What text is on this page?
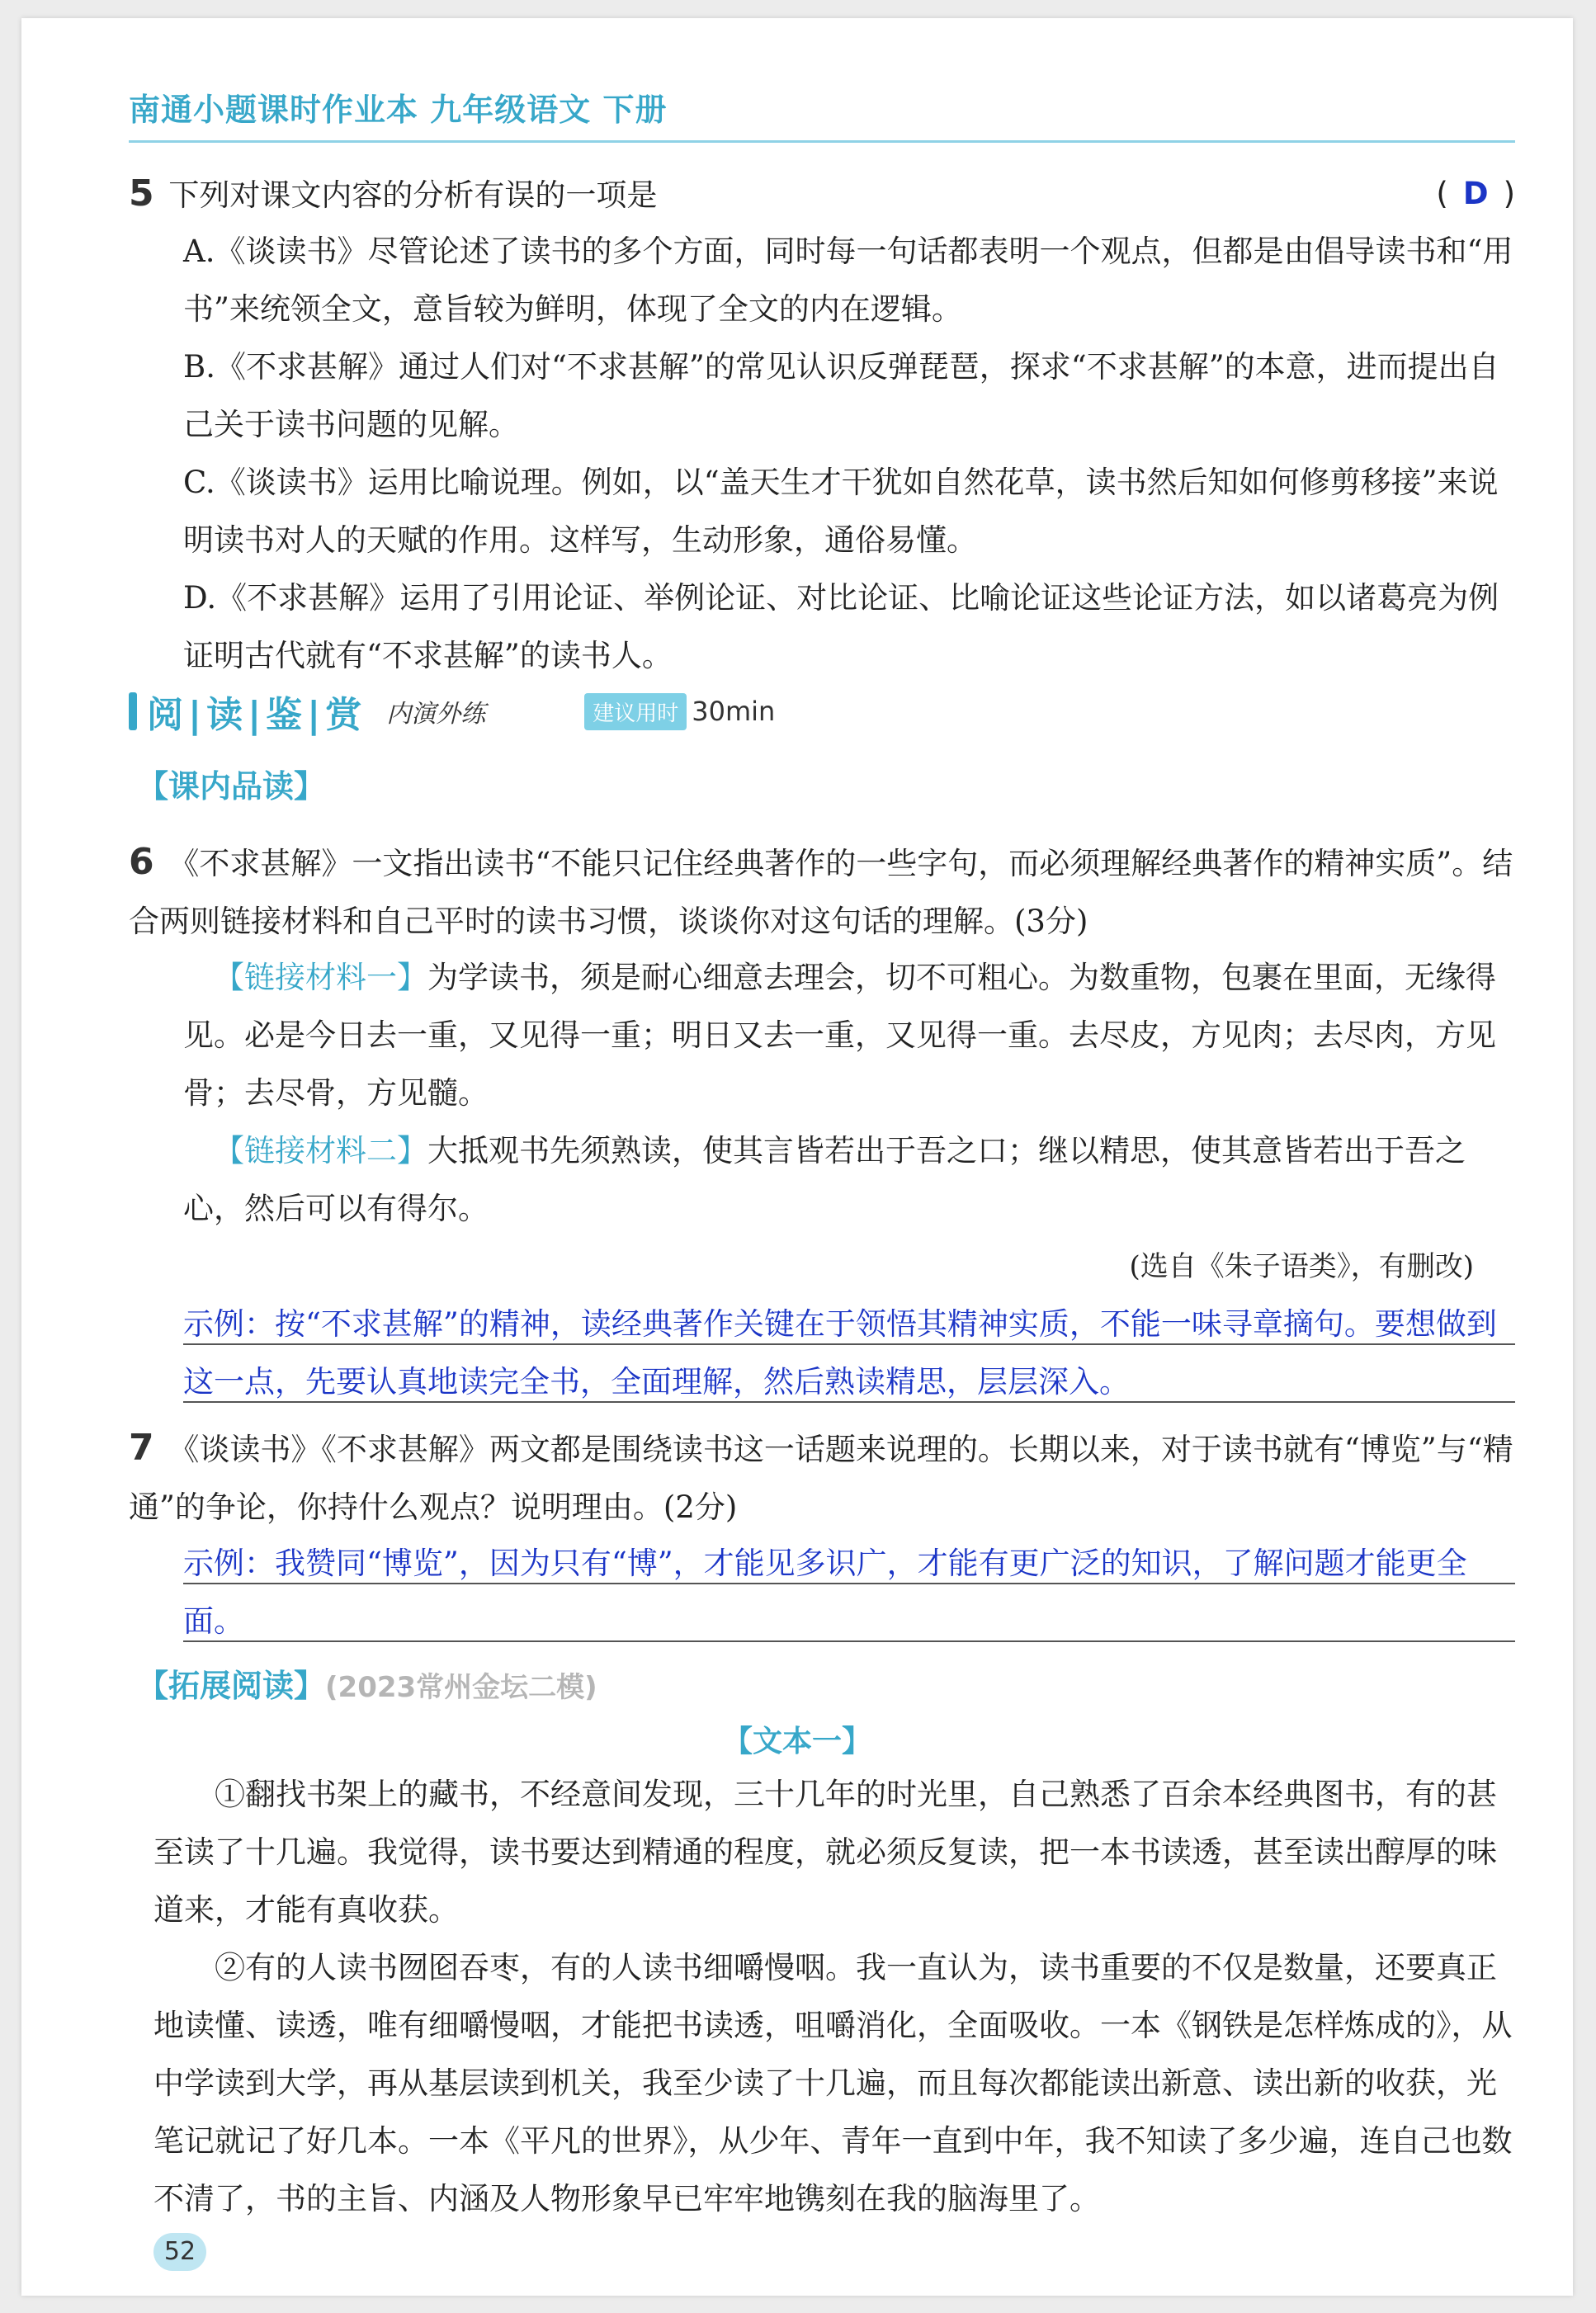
南通小题课时作业本 九年级语文 下册
5 下列对课文内容的分析有误的一项是	( D )
A.《谈读书》尽管论述了读书的多个方面，同时每一句话都表明一个观点，但都是由倡导读书和“用书”来统领全文，意旨较为鲜明，体现了全文的内在逻辑。
B.《不求甚解》通过人们对“不求甚解”的常见认识反弹琵琶，探求“不求甚解”的本意，进而提出自己关于读书问题的见解。
C.《谈读书》运用比喻说理。例如，以“盖天生才干犹如自然花草，读书然后知如何修剪移接”来说明读书对人的天赋的作用。这样写，生动形象，通俗易懂。
D.《不求甚解》运用了引用论证、举例论证、对比论证、比喻论证这些论证方法，如以诸葛亮为例证明古代就有“不求甚解”的读书人。
阅|读|鉴|赏 内演外练	建议用时 30min
【课内品读】
6 《不求甚解》一文指出读书“不能只记住经典著作的一些字句，而必须理解经典著作的精神实质”。结合两则链接材料和自己平时的读书习惯，谈谈你对这句话的理解。(3分)
【链接材料一】为学读书，须是耐心细意去理会，切不可粗心。为数重物，包裹在里面，无缘得见。必是今日去一重，又见得一重；明日又去一重，又见得一重。去尽皮，方见肉；去尽肉，方见骨；去尽骨，方见髓。
【链接材料二】大抵观书先须熟读，使其言皆若出于吾之口；继以精思，使其意皆若出于吾之心，然后可以有得尔。
(选自《朱子语类》，有删改)
示例：按“不求甚解”的精神，读经典著作关键在于领悟其精神实质，不能一味寻章摘句。要想做到这一点，先要认真地读完全书，全面理解，然后熟读精思，层层深入。
7 《谈读书》《不求甚解》两文都是围绕读书这一话题来说理的。长期以来，对于读书就有“博览”与“精通”的争论，你持什么观点？说明理由。(2分)
示例：我赞同“博览”，因为只有“博”，才能见多识广，才能有更广泛的知识，了解问题才能更全面。
【拓展阅读】(2023常州金坛二模)
【文本一】
①翻找书架上的藏书，不经意间发现，三十几年的时光里，自己熟悉了百余本经典图书，有的甚至读了十几遍。我觉得，读书要达到精通的程度，就必须反复读，把一本书读透，甚至读出醇厚的味道来，才能有真收获。
②有的人读书囫囵吞枣，有的人读书细嚼慢咽。我一直认为，读书重要的不仅是数量，还要真正地读懂、读透，唯有细嚼慢咽，才能把书读透，咀嚼消化，全面吸收。一本《钢铁是怎样炼成的》，从中学读到大学，再从基层读到机关，我至少读了十几遍，而且每次都能读出新意、读出新的收获，光笔记就记了好几本。一本《平凡的世界》，从少年、青年一直到中年，我不知读了多少遍，连自己也数不清了，书的主旨、内涵及人物形象早已牢牢地镌刻在我的脑海里了。
52
